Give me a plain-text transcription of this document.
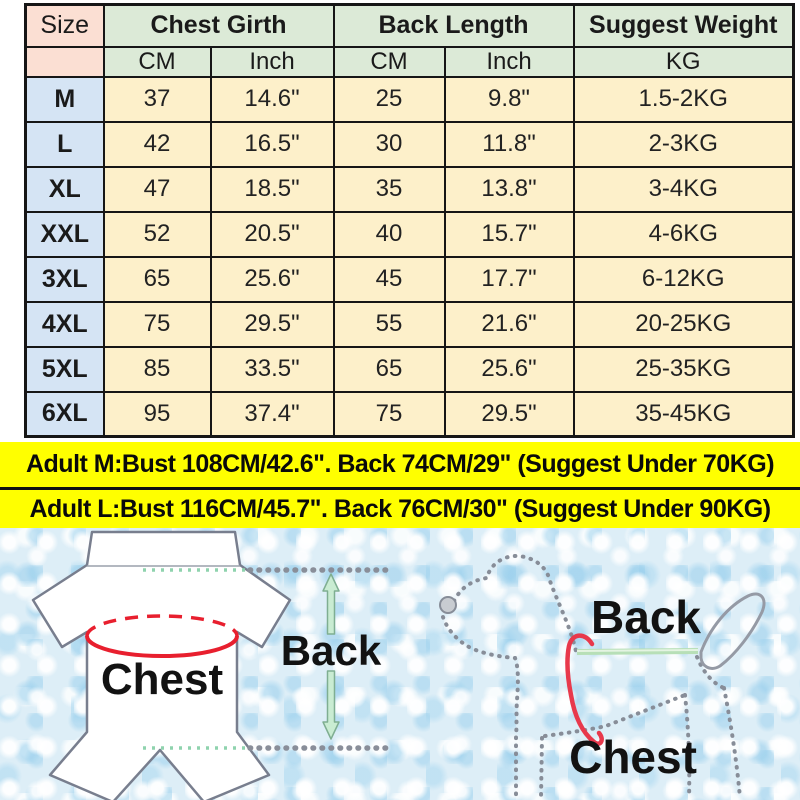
Size	Chest Girth		Back Length		Suggest Weight
	CM	Inch	CM	Inch	KG
M	37	14.6"	25	9.8"	1.5-2KG
L	42	16.5"	30	11.8"	2-3KG
XL	47	18.5"	35	13.8"	3-4KG
XXL	52	20.5"	40	15.7"	4-6KG
3XL	65	25.6"	45	17.7"	6-12KG
4XL	75	29.5"	55	21.6"	20-25KG
5XL	85	33.5"	65	25.6"	25-35KG
6XL	95	37.4"	75	29.5"	35-45KG
Adult M:Bust 108CM/42.6". Back 74CM/29" (Suggest Under 70KG)
Adult L:Bust 116CM/45.7". Back 76CM/30" (Suggest Under 90KG)
Chest
Back
Back
Chest
